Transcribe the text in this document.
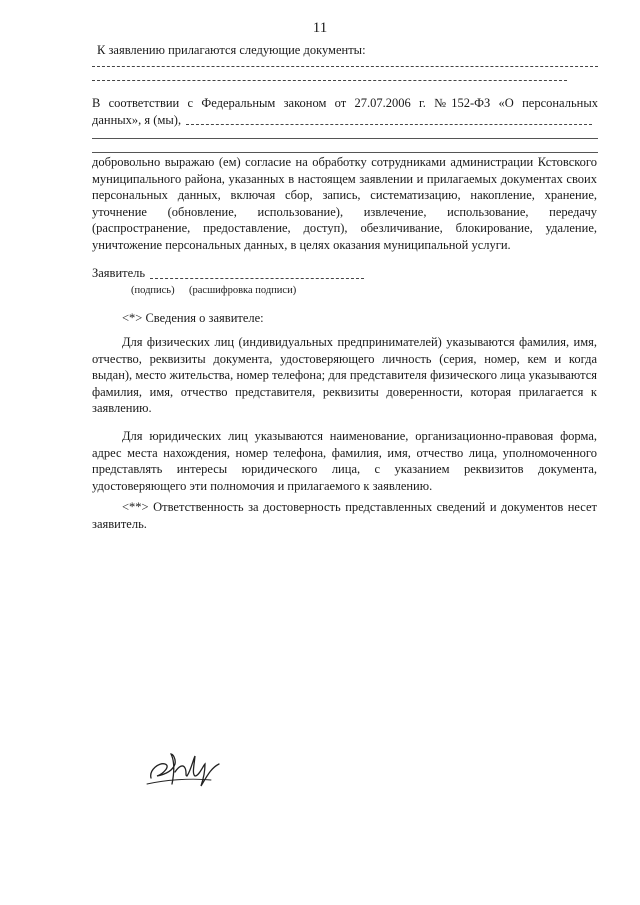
11
К заявлению прилагаются следующие документы:
В соответствии с Федеральным законом от 27.07.2006 г. №152-ФЗ «О персональных
данных», я (мы),
добровольно выражаю (ем) согласие на обработку сотрудниками администрации Кстовского муниципального района, указанных в настоящем заявлении и прилагаемых документах своих персональных данных, включая сбор, запись, систематизацию, накопление, хранение, уточнение (обновление, использование), извлечение, использование, передачу (распространение, предоставление, доступ), обезличивание, блокирование, удаление, уничтожение персональных данных, в целях оказания муниципальной услуги.
Заявитель
(подпись) (расшифровка подписи)
<*> Сведения о заявителе:
Для физических лиц (индивидуальных предпринимателей) указываются фамилия, имя, отчество, реквизиты документа, удостоверяющего личность (серия, номер, кем и когда выдан), место жительства, номер телефона; для представителя физического лица указываются фамилия, имя, отчество представителя, реквизиты доверенности, которая прилагается к заявлению.
Для юридических лиц указываются наименование, организационно-правовая форма, адрес места нахождения, номер телефона, фамилия, имя, отчество лица, уполномоченного представлять интересы юридического лица, с указанием реквизитов документа, удостоверяющего эти полномочия и прилагаемого к заявлению.
<**> Ответственность за достоверность представленных сведений и документов несет заявитель.
